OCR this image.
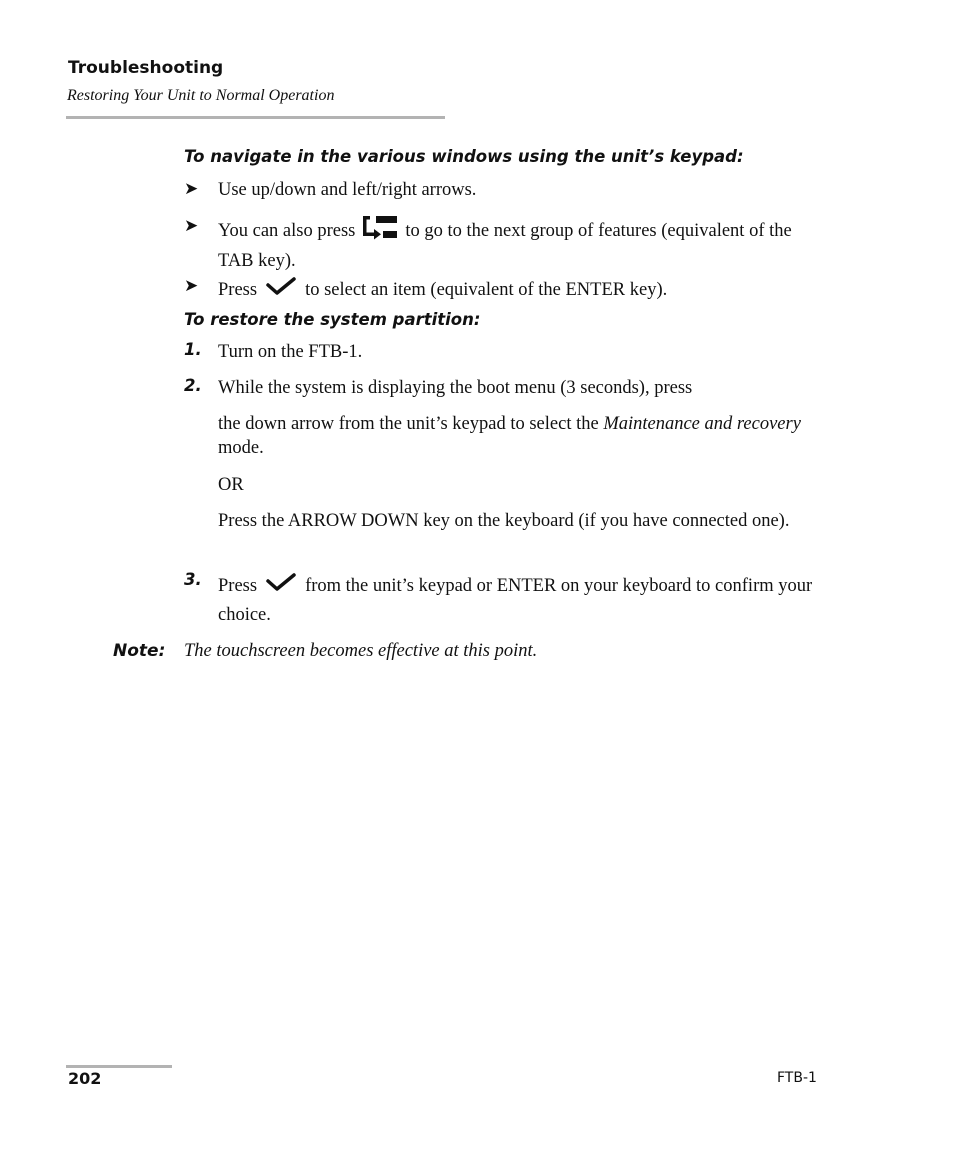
Troubleshooting
Restoring Your Unit to Normal Operation
To navigate in the various windows using the unit’s keypad:
➤	Use up/down and left/right arrows.
➤	You can also press	to go to the next group of features (equivalent of the TAB key).
➤	Press	to select an item (equivalent of the ENTER key).
To restore the system partition:
1. Turn on the FTB-1.
2. While the system is displaying the boot menu (3 seconds), press
the down arrow from the unit’s keypad to select the Maintenance and recovery mode.
OR
Press the ARROW DOWN key on the keyboard (if you have connected one).
3. Press	from the unit’s keypad or ENTER on your keyboard to confirm your choice.
Note: The touchscreen becomes effective at this point.
202	FTB-1
